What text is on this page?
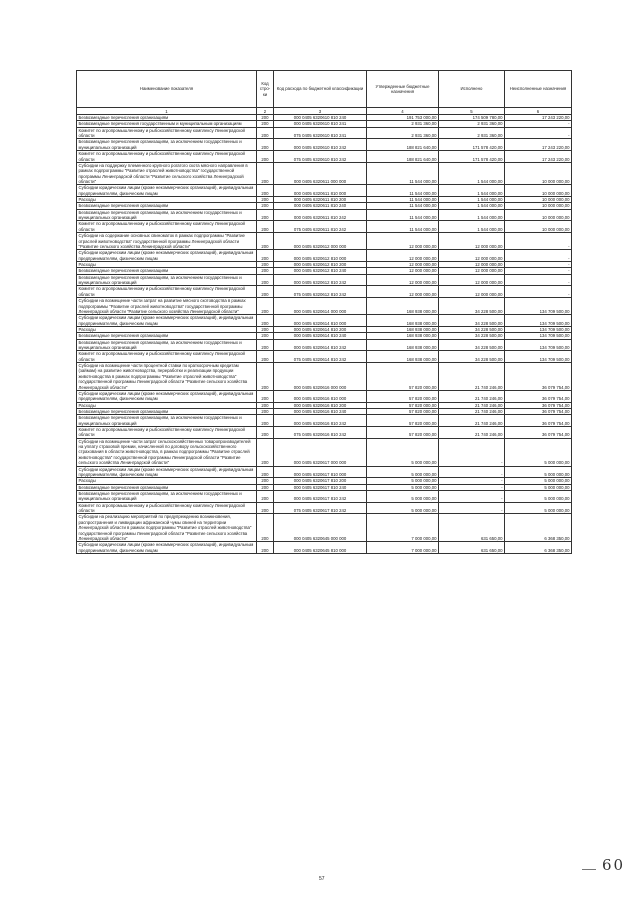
Наименование показателя	Код стро- ки	Код расхода по бюджетной классификации	Утвержденные бюджетные назначения	Исполнено	Неисполненные назначения
1	2	3	4	5	6
Безвозмездные перечисления организациям	200	000 0405 6320610 810 240	191 753 000,00	174 509 780,00	17 243 220,00
Безвозмездные перечисления государственным и муниципальным организациям	200	000 0405 6320610 810 241	2 931 360,00	2 931 360,00	-
Комитет по агропромышленному и рыбохозяйственному комплексу Ленинградской области	200	075 0405 6320610 810 241	2 931 360,00	2 931 360,00	-
Безвозмездные перечисления организациям, за исключением государственных и муниципальных организаций	200	000 0405 6320610 810 242	188 821 640,00	171 578 420,00	17 243 220,00
Комитет по агропромышленному и рыбохозяйственному комплексу Ленинградской области	200	075 0405 6320610 810 242	188 821 640,00	171 578 420,00	17 243 220,00
Субсидии на поддержку племенного крупного рогатого скота мясного направления в рамках подпрограммы "Развитие отраслей животноводства" государственной программы Ленинградской области "Развитие сельского хозяйства Ленинградской области"	200	000 0405 6320611 000 000	11 544 000,00	1 544 000,00	10 000 000,00
Субсидии юридическим лицам (кроме некоммерческих организаций), индивидуальным предпринимателям, физическим лицам	200	000 0405 6320611 810 000	11 544 000,00	1 544 000,00	10 000 000,00
Расходы	200	000 0405 6320611 810 200	11 544 000,00	1 544 000,00	10 000 000,00
Безвозмездные перечисления организациям	200	000 0405 6320611 810 240	11 544 000,00	1 544 000,00	10 000 000,00
Безвозмездные перечисления организациям, за исключением государственных и муниципальных организаций	200	000 0405 6320611 810 242	11 544 000,00	1 544 000,00	10 000 000,00
Комитет по агропромышленному и рыбохозяйственному комплексу Ленинградской области	200	075 0405 6320611 810 242	11 544 000,00	1 544 000,00	10 000 000,00
Субсидии на содержание основных свиноматок в рамках подпрограммы "Развитие отраслей животноводства" государственной программы Ленинградской области "Развитие сельского хозяйства Ленинградской области"	200	000 0405 6320612 000 000	12 000 000,00	12 000 000,00	-
Субсидии юридическим лицам (кроме некоммерческих организаций), индивидуальным предпринимателям, физическим лицам	200	000 0405 6320612 810 000	12 000 000,00	12 000 000,00	-
Расходы	200	000 0405 6320612 810 200	12 000 000,00	12 000 000,00	-
Безвозмездные перечисления организациям	200	000 0405 6320612 810 240	12 000 000,00	12 000 000,00	-
Безвозмездные перечисления организациям, за исключением государственных и муниципальных организаций	200	000 0405 6320612 810 242	12 000 000,00	12 000 000,00	-
Комитет по агропромышленному и рыбохозяйственному комплексу Ленинградской области	200	075 0405 6320612 810 242	12 000 000,00	12 000 000,00	-
Субсидии на возмещение части затрат на развитие мясного скотоводства в рамках подпрограммы "Развитие отраслей животноводства" государственной программы Ленинградской области "Развитие сельского хозяйства Ленинградской области"	200	000 0405 6320614 000 000	168 938 000,00	34 228 500,00	134 709 500,00
Субсидии юридическим лицам (кроме некоммерческих организаций), индивидуальным предпринимателям, физическим лицам	200	000 0405 6320614 810 000	168 938 000,00	34 228 500,00	134 709 500,00
Расходы	200	000 0405 6320614 810 200	168 938 000,00	34 228 500,00	134 709 500,00
Безвозмездные перечисления организациям	200	000 0405 6320614 810 240	168 938 000,00	34 228 500,00	134 709 500,00
Безвозмездные перечисления организациям, за исключением государственных и муниципальных организаций	200	000 0405 6320614 810 242	168 938 000,00	34 228 500,00	134 709 500,00
Комитет по агропромышленному и рыбохозяйственному комплексу Ленинградской области	200	075 0405 6320614 810 242	168 938 000,00	34 228 500,00	134 709 500,00
Субсидии на возмещение части процентной ставки по краткосрочным кредитам (займам) на развитие животноводства, переработки и реализации продукции животноводства в рамках подпрограммы "Развитие отраслей животноводства" государственной программы Ленинградской области "Развитие сельского хозяйства Ленинградской области"	200	000 0405 6320616 000 000	57 820 000,00	21 740 246,00	36 079 754,00
Субсидии юридическим лицам (кроме некоммерческих организаций), индивидуальным предпринимателям, физическим лицам	200	000 0405 6320616 810 000	57 820 000,00	21 740 246,00	36 079 754,00
Расходы	200	000 0405 6320616 810 200	57 820 000,00	21 740 246,00	36 079 754,00
Безвозмездные перечисления организациям	200	000 0405 6320616 810 240	57 820 000,00	21 740 246,00	36 079 754,00
Безвозмездные перечисления организациям, за исключением государственных и муниципальных организаций	200	000 0405 6320616 810 242	57 820 000,00	21 740 246,00	36 079 754,00
Комитет по агропромышленному и рыбохозяйственному комплексу Ленинградской области	200	075 0405 6320616 810 242	57 820 000,00	21 740 246,00	36 079 754,00
Субсидии на возмещение части затрат сельскохозяйственных товаропроизводителей на уплату страховой премии, начисленной по договору сельскохозяйственного страхования в области животноводства, в рамках подпрограммы "Развитие отраслей животноводства" государственной программы Ленинградской области "Развитие сельского хозяйства Ленинградской области"	200	000 0405 6320617 000 000	5 000 000,00	-	5 000 000,00
Субсидии юридическим лицам (кроме некоммерческих организаций), индивидуальным предпринимателям, физическим лицам	200	000 0405 6320617 810 000	5 000 000,00	-	5 000 000,00
Расходы	200	000 0405 6320617 810 200	5 000 000,00	-	5 000 000,00
Безвозмездные перечисления организациям	200	000 0405 6320617 810 240	5 000 000,00	-	5 000 000,00
Безвозмездные перечисления организациям, за исключением государственных и муниципальных организаций	200	000 0405 6320617 810 242	5 000 000,00	-	5 000 000,00
Комитет по агропромышленному и рыбохозяйственному комплексу Ленинградской области	200	075 0405 6320617 810 242	5 000 000,00	-	5 000 000,00
Субсидии на реализацию мероприятий по предупреждению возникновения, распространения и ликвидации африканской чумы свиней на территории Ленинградской области в рамках подпрограммы "Развитие отраслей животноводства" государственной программы Ленинградской области "Развитие сельского хозяйства Ленинградской области"	200	000 0405 6320645 000 000	7 000 000,00	631 650,00	6 368 350,00
Субсидии юридическим лицам (кроме некоммерческих организаций), индивидуальным предпринимателям, физическим лицам	200	000 0405 6320645 810 000	7 000 000,00	631 650,00	6 368 350,00
57
60
